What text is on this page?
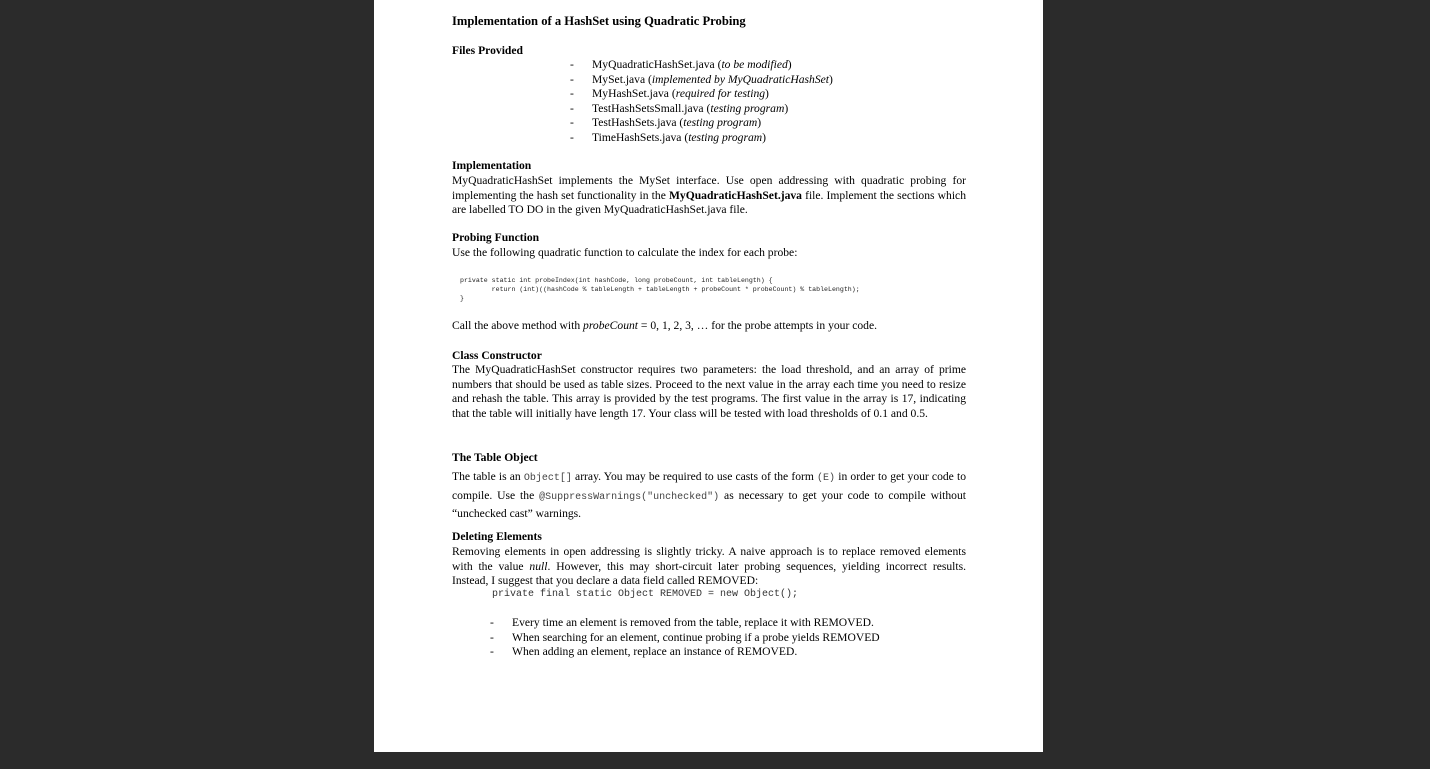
Implementation of a HashSet using Quadratic Probing
Files Provided
- MyQuadraticHashSet.java (to be modified)
- MySet.java (implemented by MyQuadraticHashSet)
- MyHashSet.java (required for testing)
- TestHashSetsSmall.java (testing program)
- TestHashSets.java (testing program)
- TimeHashSets.java (testing program)
Implementation
MyQuadraticHashSet implements the MySet interface. Use open addressing with quadratic probing for implementing the hash set functionality in the MyQuadraticHashSet.java file. Implement the sections which are labelled TO DO in the given MyQuadraticHashSet.java file.
Probing Function
Use the following quadratic function to calculate the index for each probe:
private static int probeIndex(int hashCode, long probeCount, int tableLength) {
return (int)((hashCode % tableLength + tableLength + probeCount * probeCount) % tableLength);
}
Call the above method with probeCount = 0, 1, 2, 3, … for the probe attempts in your code.
Class Constructor
The MyQuadraticHashSet constructor requires two parameters: the load threshold, and an array of prime numbers that should be used as table sizes. Proceed to the next value in the array each time you need to resize and rehash the table. This array is provided by the test programs. The first value in the array is 17, indicating that the table will initially have length 17. Your class will be tested with load thresholds of 0.1 and 0.5.
The Table Object
The table is an Object[] array. You may be required to use casts of the form (E) in order to get your code to compile. Use the @SuppressWarnings("unchecked") as necessary to get your code to compile without “unchecked cast” warnings.
Deleting Elements
Removing elements in open addressing is slightly tricky. A naive approach is to replace removed elements with the value null. However, this may short-circuit later probing sequences, yielding incorrect results. Instead, I suggest that you declare a data field called REMOVED:
private final static Object REMOVED = new Object();
- Every time an element is removed from the table, replace it with REMOVED.
- When searching for an element, continue probing if a probe yields REMOVED
- When adding an element, replace an instance of REMOVED.
